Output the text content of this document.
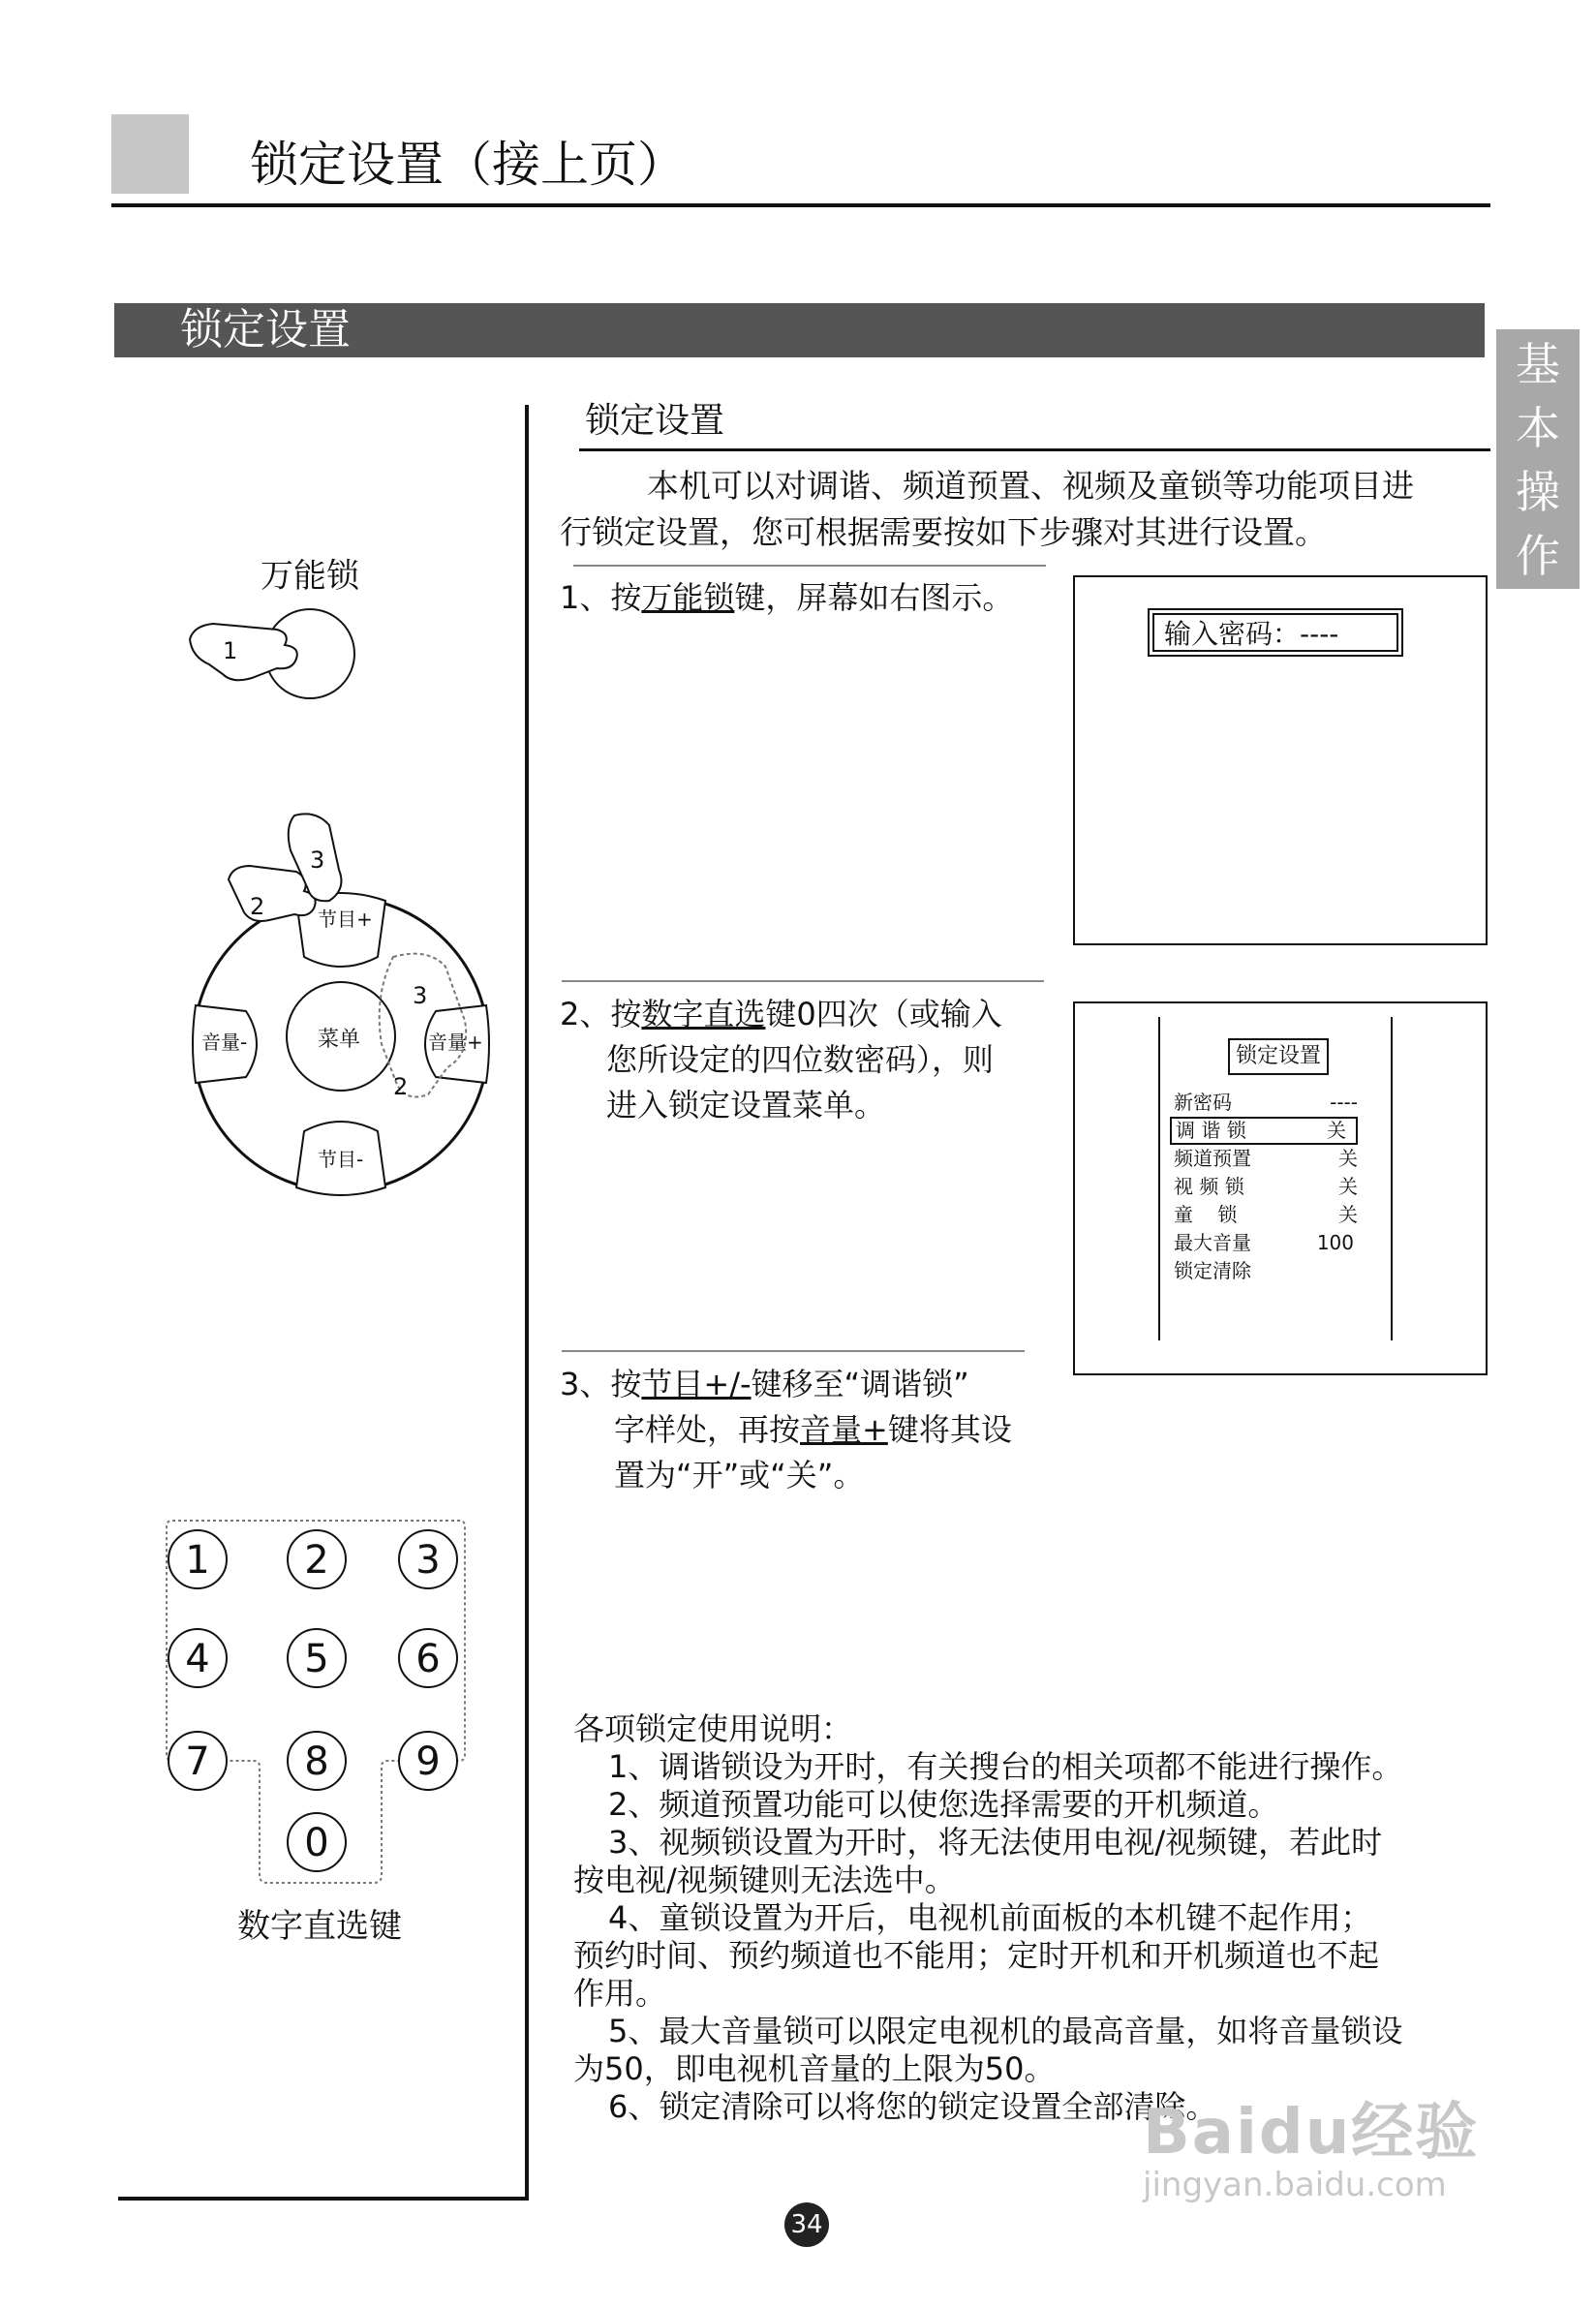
锁定设置（接上页）
锁定设置
基
本
操
作
锁定设置
本机可以对调谐、频道预置、视频及童锁等功能项目进
行锁定设置，您可根据需要按如下步骤对其进行设置。
1、按万能锁键，屏幕如右图示。
输入密码：----
2、按数字直选键0四次（或输入
您所设定的四位数密码），则
进入锁定设置菜单。
锁定设置
新密码	----
调 谐 锁	关
频道预置	关
视 频 锁	关
童    锁	关
最大音量	100
锁定清除
3、按节目+/-键移至“调谐锁”
字样处，再按音量+键将其设
置为“开”或“关”。
万能锁
1
菜单
音量-	音量+
节目+
节目-
2
3
3
2
1 2 3
4 5 6
7 8 9
0
数字直选键
各项锁定使用说明：
1、调谐锁设为开时，有关搜台的相关项都不能进行操作。
2、频道预置功能可以使您选择需要的开机频道。
3、视频锁设置为开时，将无法使用电视/视频键，若此时
按电视/视频键则无法选中。
4、童锁设置为开后，电视机前面板的本机键不起作用；
预约时间、预约频道也不能用；定时开机和开机频道也不起
作用。
5、最大音量锁可以限定电视机的最高音量，如将音量锁设
为50，即电视机音量的上限为50。
6、锁定清除可以将您的锁定设置全部清除。
Baidu经验
jingyan.baidu.com
34
